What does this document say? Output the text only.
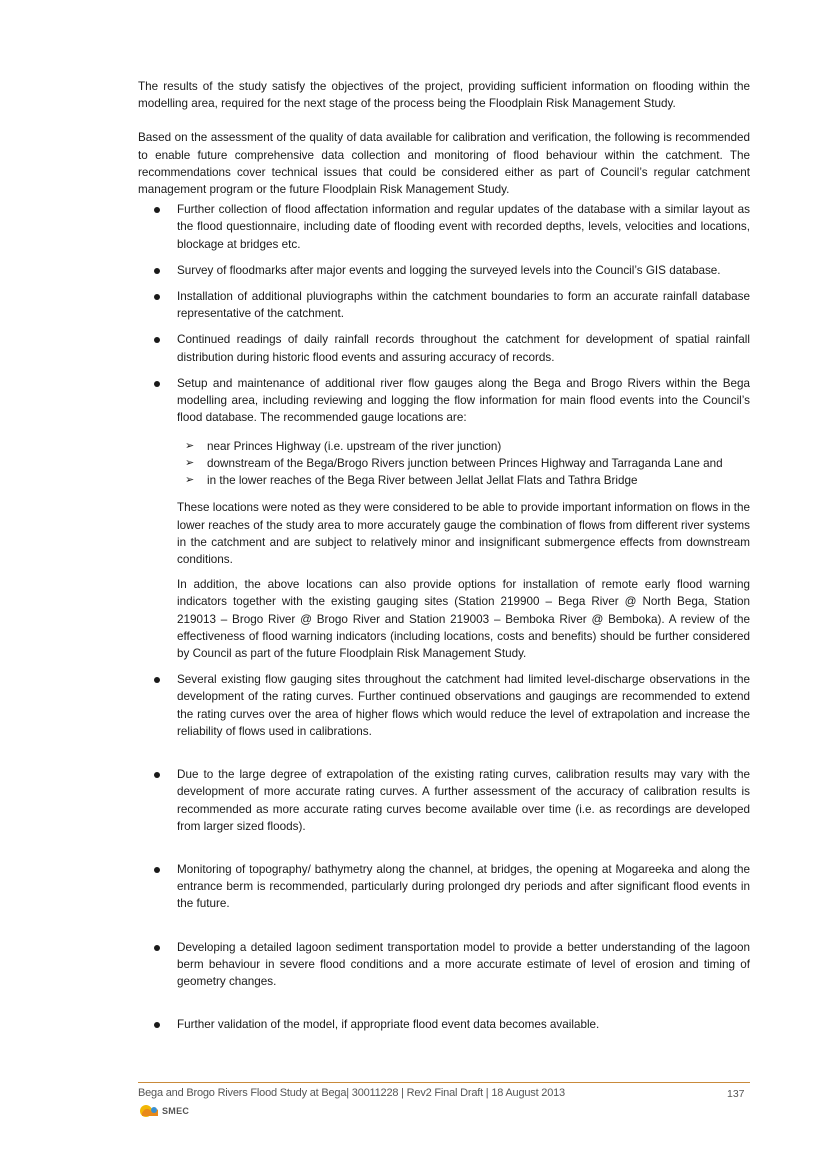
The results of the study satisfy the objectives of the project, providing sufficient information on flooding within the modelling area, required for the next stage of the process being the Floodplain Risk Management Study.

Based on the assessment of the quality of data available for calibration and verification, the following is recommended to enable future comprehensive data collection and monitoring of flood behaviour within the catchment. The recommendations cover technical issues that could be considered either as part of Council’s regular catchment management program or the future Floodplain Risk Management Study.

Further collection of flood affectation information and regular updates of the database with a similar layout as the flood questionnaire, including date of flooding event with recorded depths, levels, velocities and locations, blockage at bridges etc.
Survey of floodmarks after major events and logging the surveyed levels into the Council’s GIS database.
Installation of additional pluviographs within the catchment boundaries to form an accurate rainfall database representative of the catchment.
Continued readings of daily rainfall records throughout the catchment for development of spatial rainfall distribution during historic flood events and assuring accuracy of records.
Setup and maintenance of additional river flow gauges along the Bega and Brogo Rivers within the Bega modelling area, including reviewing and logging the flow information for main flood events into the Council’s flood database. The recommended gauge locations are:
➢ near Princes Highway (i.e. upstream of the river junction)
➢ downstream of the Bega/Brogo Rivers junction between Princes Highway and Tarraganda Lane and
➢ in the lower reaches of the Bega River between Jellat Jellat Flats and Tathra Bridge

These locations were noted as they were considered to be able to provide important information on flows in the lower reaches of the study area to more accurately gauge the combination of flows from different river systems in the catchment and are subject to relatively minor and insignificant submergence effects from downstream conditions.

In addition, the above locations can also provide options for installation of remote early flood warning indicators together with the existing gauging sites (Station 219900 – Bega River @ North Bega, Station 219013 – Brogo River @ Brogo River and Station 219003 – Bemboka River @ Bemboka). A review of the effectiveness of flood warning indicators (including locations, costs and benefits) should be further considered by Council as part of the future Floodplain Risk Management Study.

Several existing flow gauging sites throughout the catchment had limited level-discharge observations in the development of the rating curves. Further continued observations and gaugings are recommended to extend the rating curves over the area of higher flows which would reduce the level of extrapolation and increase the reliability of flows used in calibrations.
Due to the large degree of extrapolation of the existing rating curves, calibration results may vary with the development of more accurate rating curves. A further assessment of the accuracy of calibration results is recommended as more accurate rating curves become available over time (i.e. as recordings are developed from larger sized floods).
Monitoring of topography/ bathymetry along the channel, at bridges, the opening at Mogareeka and along the entrance berm is recommended, particularly during prolonged dry periods and after significant flood events in the future.
Developing a detailed lagoon sediment transportation model to provide a better understanding of the lagoon berm behaviour in severe flood conditions and a more accurate estimate of level of erosion and timing of geometry changes.
Further validation of the model, if appropriate flood event data becomes available.
Bega and Brogo Rivers Flood Study at Bega| 30011228 | Rev2 Final Draft | 18 August 2013	137
SMEC
